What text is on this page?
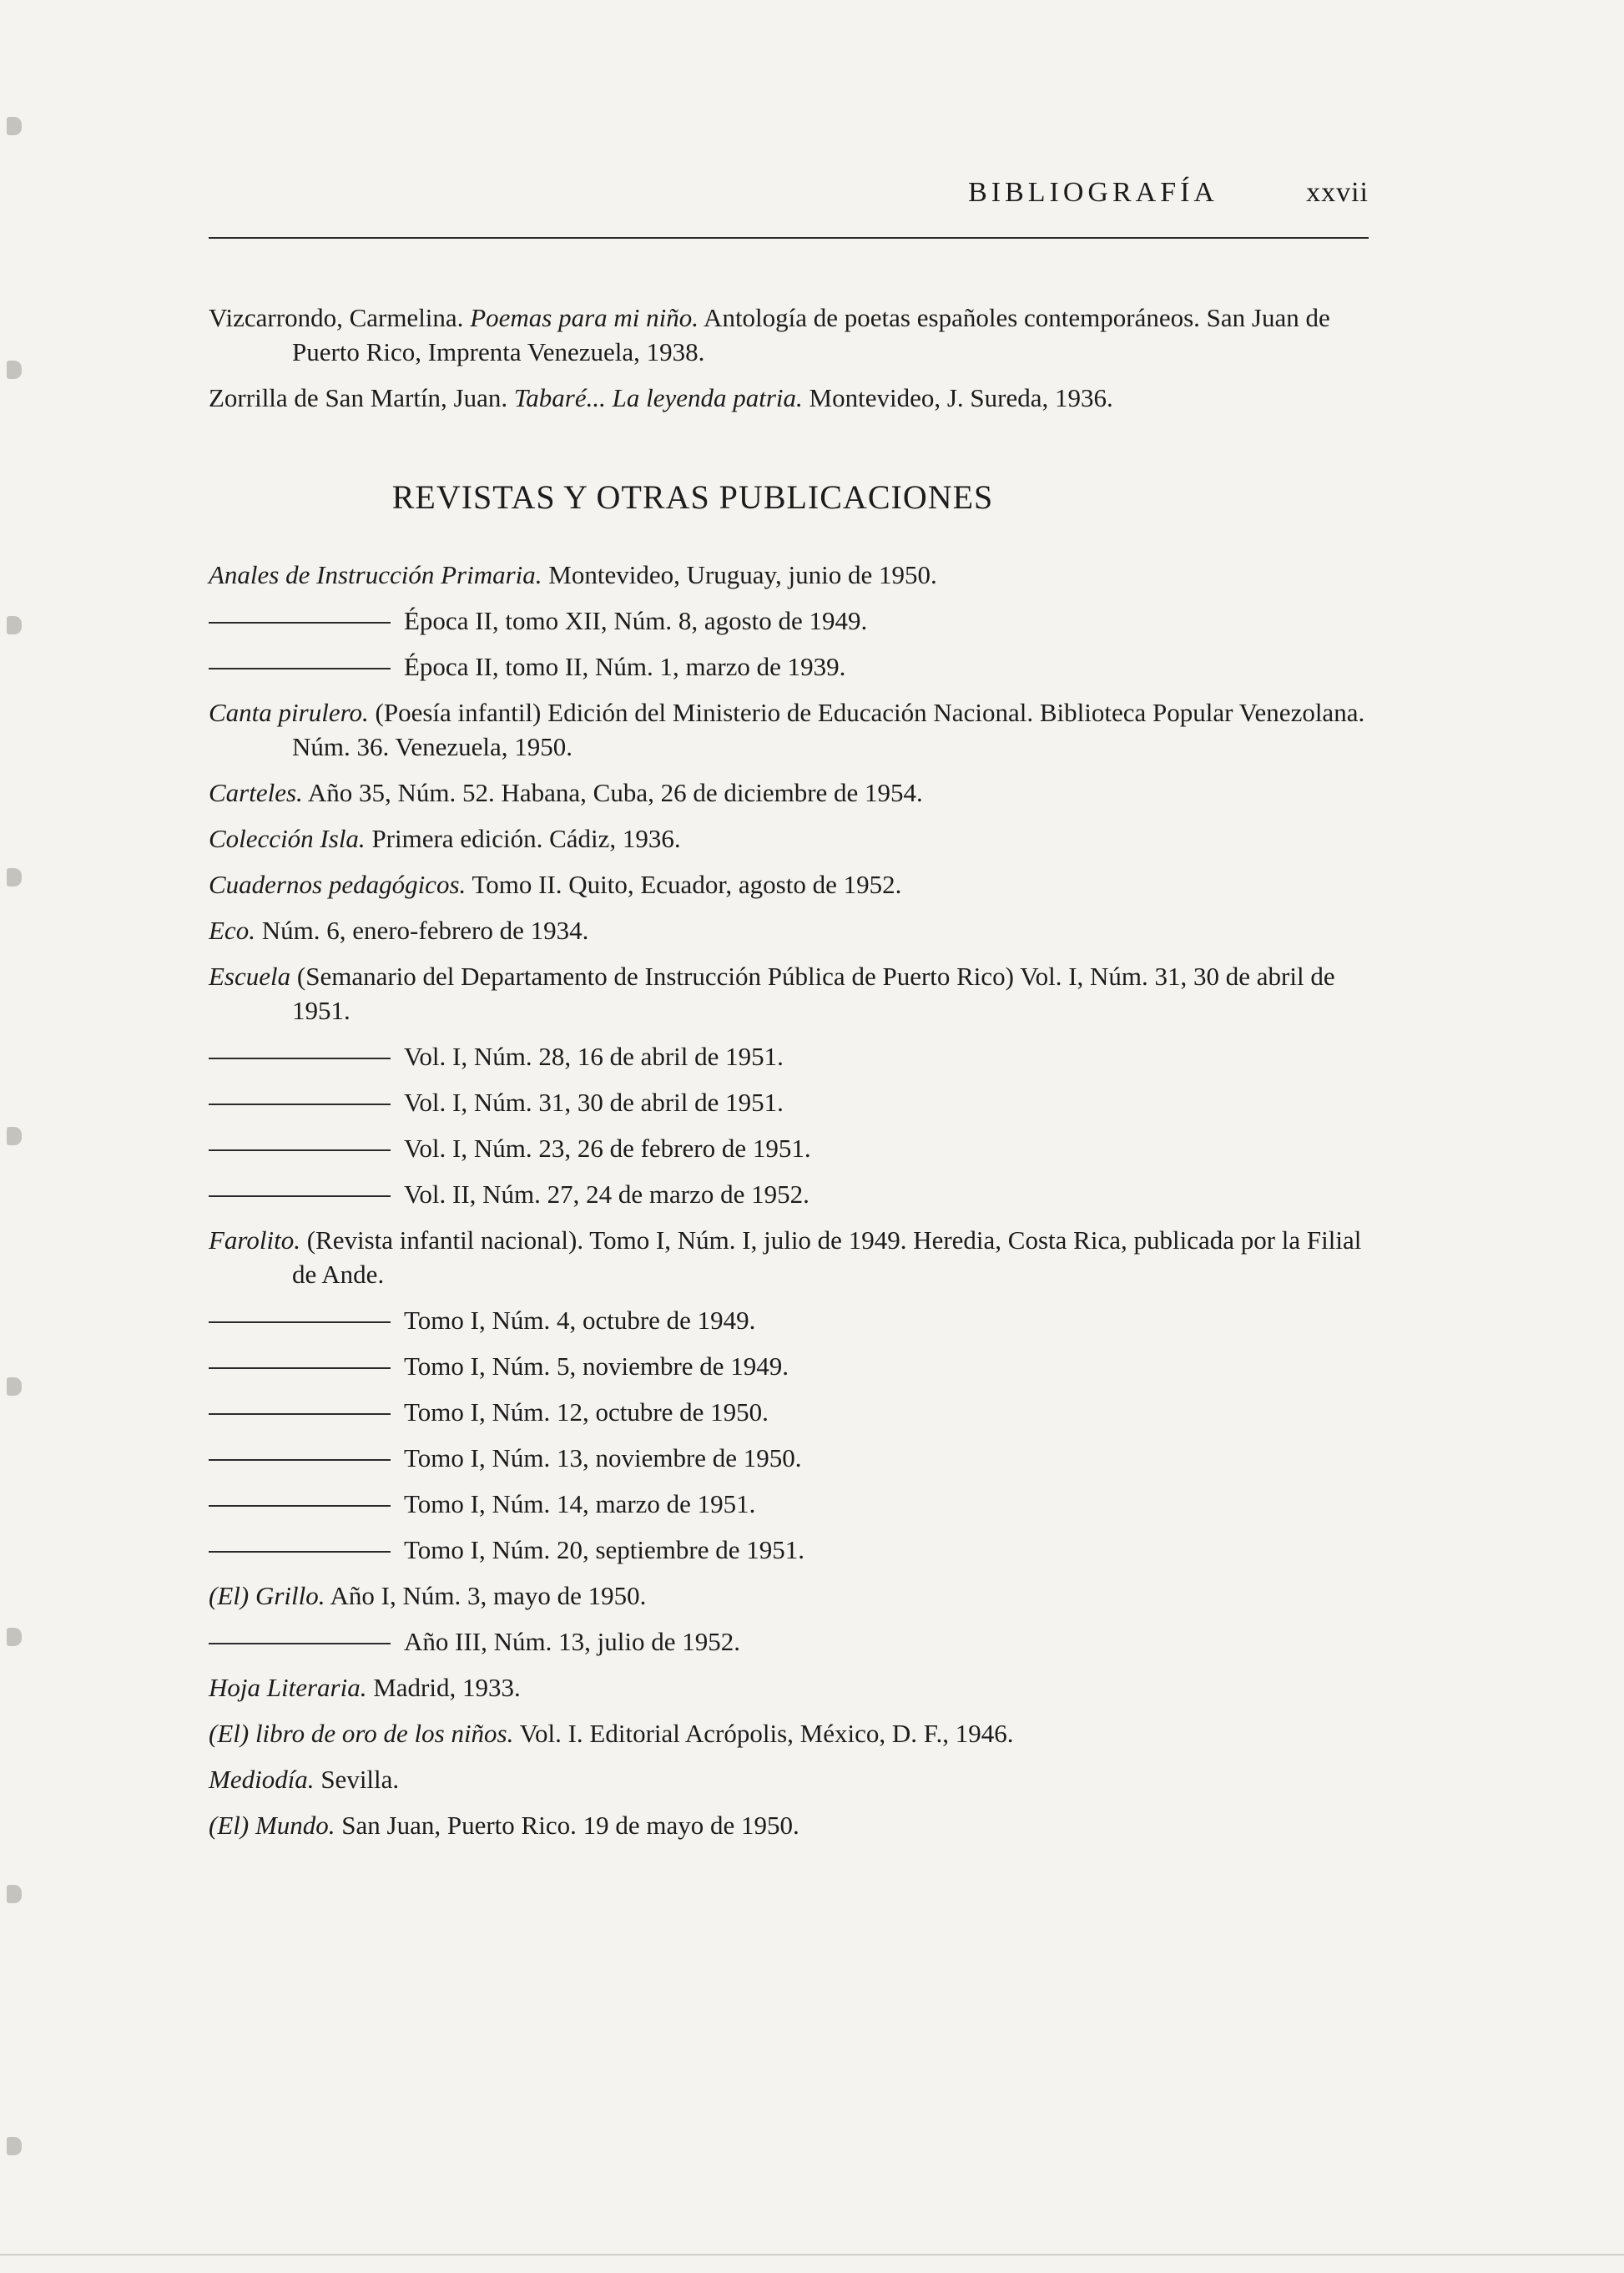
BIBLIOGRAFÍA	xxvii

Vizcarrondo, Carmelina. Poemas para mi niño. Antología de poetas españoles contemporáneos. San Juan de Puerto Rico, Imprenta Venezuela, 1938.

Zorrilla de San Martín, Juan. Tabaré... La leyenda patria. Montevideo, J. Sureda, 1936.

REVISTAS Y OTRAS PUBLICACIONES

Anales de Instrucción Primaria. Montevideo, Uruguay, junio de 1950.

Época II, tomo XII, Núm. 8, agosto de 1949.

Época II, tomo II, Núm. 1, marzo de 1939.

Canta pirulero. (Poesía infantil) Edición del Ministerio de Educación Nacional. Biblioteca Popular Venezolana. Núm. 36. Venezuela, 1950.

Carteles. Año 35, Núm. 52. Habana, Cuba, 26 de diciembre de 1954.

Colección Isla. Primera edición. Cádiz, 1936.

Cuadernos pedagógicos. Tomo II. Quito, Ecuador, agosto de 1952.

Eco. Núm. 6, enero-febrero de 1934.

Escuela (Semanario del Departamento de Instrucción Pública de Puerto Rico) Vol. I, Núm. 31, 30 de abril de 1951.

Vol. I, Núm. 28, 16 de abril de 1951.

Vol. I, Núm. 31, 30 de abril de 1951.

Vol. I, Núm. 23, 26 de febrero de 1951.

Vol. II, Núm. 27, 24 de marzo de 1952.

Farolito. (Revista infantil nacional). Tomo I, Núm. I, julio de 1949. Heredia, Costa Rica, publicada por la Filial de Ande.

Tomo I, Núm. 4, octubre de 1949.

Tomo I, Núm. 5, noviembre de 1949.

Tomo I, Núm. 12, octubre de 1950.

Tomo I, Núm. 13, noviembre de 1950.

Tomo I, Núm. 14, marzo de 1951.

Tomo I, Núm. 20, septiembre de 1951.

(El) Grillo. Año I, Núm. 3, mayo de 1950.

Año III, Núm. 13, julio de 1952.

Hoja Literaria. Madrid, 1933.

(El) libro de oro de los niños. Vol. I. Editorial Acrópolis, México, D. F., 1946.

Mediodía. Sevilla.

(El) Mundo. San Juan, Puerto Rico. 19 de mayo de 1950.
